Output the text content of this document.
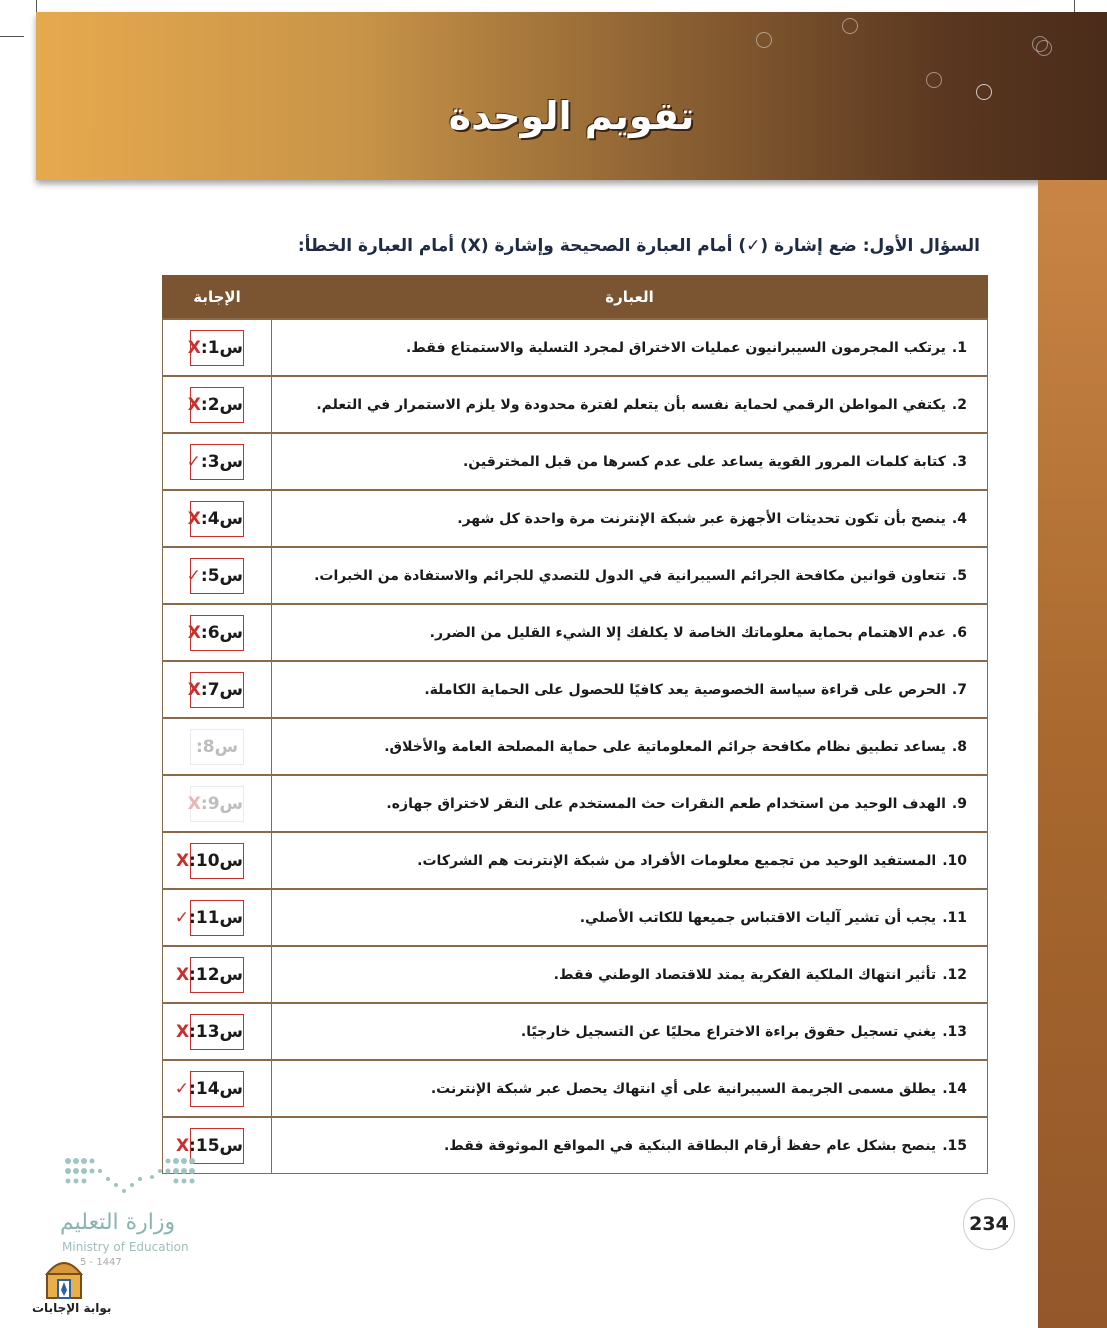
تقويم الوحدة
السؤال الأول: ضع إشارة (✓) أمام العبارة الصحيحة وإشارة (X) أمام العبارة الخطأ:
العبارة	الإجابة
1.يرتكب المجرمون السيبرانيون عمليات الاختراق لمجرد التسلية والاستمتاع فقط.	س1:X
2.يكتفي المواطن الرقمي لحماية نفسه بأن يتعلم لفترة محدودة ولا يلزم الاستمرار في التعلم.	س2:X
3.كتابة كلمات المرور القوية يساعد على عدم كسرها من قبل المخترقين.	س3:✓
4.ينصح بأن تكون تحديثات الأجهزة عبر شبكة الإنترنت مرة واحدة كل شهر.	س4:X
5.تتعاون قوانين مكافحة الجرائم السيبرانية في الدول للتصدي للجرائم والاستفادة من الخبرات.	س5:✓
6.عدم الاهتمام بحماية معلوماتك الخاصة لا يكلفك إلا الشيء القليل من الضرر.	س6:X
7.الحرص على قراءة سياسة الخصوصية يعد كافيًا للحصول على الحماية الكاملة.	س7:X
8.يساعد تطبيق نظام مكافحة جرائم المعلوماتية على حماية المصلحة العامة والأخلاق.	س8:
9.الهدف الوحيد من استخدام طعم النقرات حث المستخدم على النقر لاختراق جهازه.	س9:X
10.المستفيد الوحيد من تجميع معلومات الأفراد من شبكة الإنترنت هم الشركات.	س10:X
11.يجب أن تشير آليات الاقتباس جميعها للكاتب الأصلي.	س11:✓
12.تأثير انتهاك الملكية الفكرية يمتد للاقتصاد الوطني فقط.	س12:X
13.يغني تسجيل حقوق براءة الاختراع محليًا عن التسجيل خارجيًا.	س13:X
14.يطلق مسمى الجريمة السيبرانية على أي انتهاك يحصل عبر شبكة الإنترنت.	س14:✓
15.ينصح بشكل عام حفظ أرقام البطاقة البنكية في المواقع الموثوقة فقط.	س15:X
234
وزارة التعليم
Ministry of Education
5 - 1447
بوابة الإجابات
